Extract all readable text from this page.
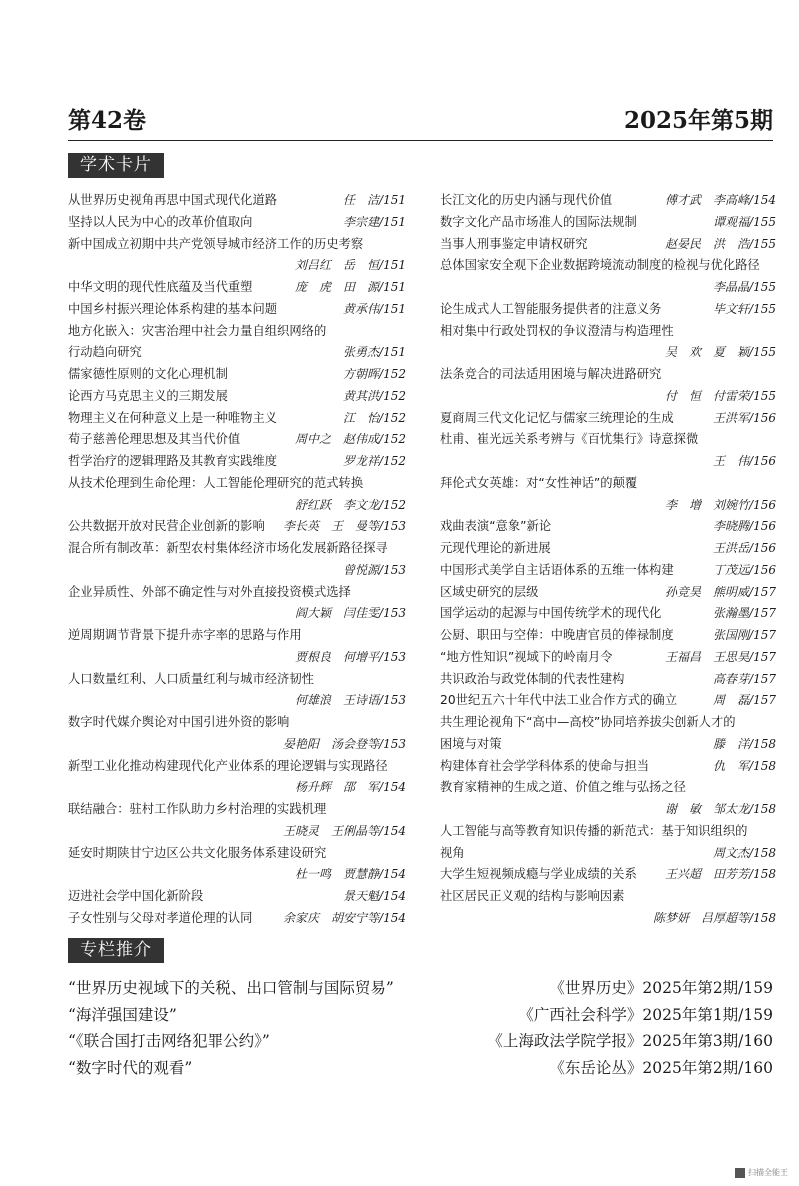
第42卷	2025年第5期
学术卡片
从世界历史视角再思中国式现代化道路	任　洁/151
坚持以人民为中心的改革价值取向	李宗建/151
新中国成立初期中共产党领导城市经济工作的历史考察
刘吕红　岳　恒/151
中华文明的现代性底蕴及当代重塑	庞　虎　田　源/151
中国乡村振兴理论体系构建的基本问题	黄承伟/151
地方化嵌入：灾害治理中社会力量自组织网络的
行动趋向研究	张勇杰/151
儒家德性原则的文化心理机制	方朝晖/152
论西方马克思主义的三期发展	黄其洪/152
物理主义在何种意义上是一种唯物主义	江　怡/152
荀子慈善伦理思想及其当代价值	周中之　赵伟成/152
哲学治疗的逻辑理路及其教育实践维度	罗龙祥/152
从技术伦理到生命伦理：人工智能伦理研究的范式转换
舒红跃　李文龙/152
公共数据开放对民营企业创新的影响 李长英　王　曼等/153
混合所有制改革：新型农村集体经济市场化发展新路径探寻
曾悦源/153
企业异质性、外部不确定性与对外直接投资模式选择
阎大颖　闫佳雯/153
逆周期调节背景下提升赤字率的思路与作用
贾根良　何增平/153
人口数量红利、人口质量红利与城市经济韧性
何雄浪　王诗语/153
数字时代媒介舆论对中国引进外资的影响
晏艳阳　汤会登等/153
新型工业化推动构建现代化产业体系的理论逻辑与实现路径
杨升辉　邵　军/154
联结融合：驻村工作队助力乡村治理的实践机理
王晓灵　王俐晶等/154
延安时期陕甘宁边区公共文化服务体系建设研究
杜一鸣　贾慧静/154
迈进社会学中国化新阶段	景天魁/154
子女性别与父母对孝道伦理的认同	余家庆　胡安宁等/154
长江文化的历史内涵与现代价值	傅才武　李高峰/154
数字文化产品市场准人的国际法规制	谭观福/155
当事人刑事鉴定申请权研究	赵晏民　洪　浩/155
总体国家安全观下企业数据跨境流动制度的检视与优化路径
李晶晶/155
论生成式人工智能服务提供者的注意义务	毕文轩/155
相对集中行政处罚权的争议澄清与构造理性
吴　欢　夏　颖/155
法条竞合的司法适用困境与解决进路研究
付　恒　付雷荣/155
夏商周三代文化记忆与儒家三统理论的生成	王洪军/156
杜甫、崔光远关系考辨与《百忧集行》诗意探微
王　伟/156
拜伦式女英雄：对“女性神话”的颠覆
李　增　刘婉竹/156
戏曲表演“意象”新论	李晓腾/156
元现代理论的新进展	王洪岳/156
中国形式美学自主话语体系的五维一体构建	丁茂远/156
区域史研究的层级	孙竞昊　熊明威/157
国学运动的起源与中国传统学术的现代化	张瀚墨/157
公厨、职田与空俸：中晚唐官员的俸禄制度	张国刚/157
“地方性知识”视域下的岭南月令	王福昌　王思昊/157
共识政治与政党体制的代表性建构	高春芽/157
20世纪五六十年代中法工业合作方式的确立	周　磊/157
共生理论视角下“高中—高校”协同培养拔尖创新人才的
困境与对策	滕　洋/158
构建体育社会学学科体系的使命与担当	仇　军/158
教育家精神的生成之道、价值之维与弘扬之径
谢　敏　邹太龙/158
人工智能与高等教育知识传播的新范式：基于知识组织的
视角	周文杰/158
大学生短视频成瘾与学业成绩的关系 王兴超　田芳芳/158
社区居民正义观的结构与影响因素
陈梦妍　吕厚超等/158
专栏推介
“世界历史视域下的关税、出口管制与国际贸易”	《世界历史》2025年第2期/159
“海洋强国建设”	《广西社会科学》2025年第1期/159
“《联合国打击网络犯罪公约》”	《上海政法学院学报》2025年第3期/160
“数字时代的观看”	《东岳论丛》2025年第2期/160
扫描全能王
